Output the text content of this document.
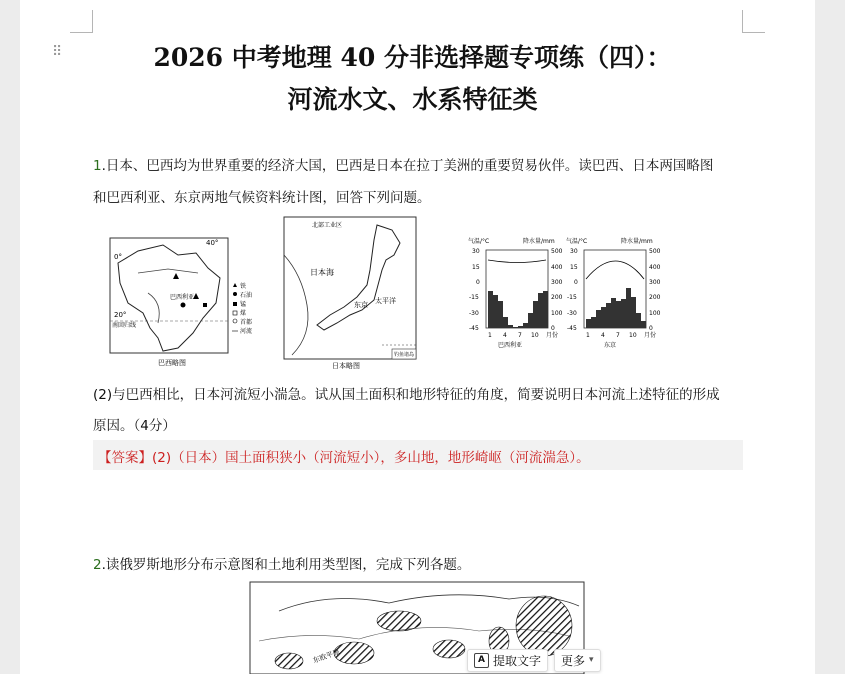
⠿	2026 中考地理 40 分非选择题专项练（四）：
河流水文、水系特征类
1.日本、巴西均为世界重要的经济大国，巴西是日本在拉丁美洲的重要贸易伙伴。读巴西、日本两国略图
和巴西利亚、东京两地气候资料统计图，回答下列问题。
0°
40°
20°
南回归线
巴西利亚
巴西略图
铁
石油
锰
煤
首都
河流
北部工业区
日本海
太平洋
东京
钓鱼诸岛
日本略图
气温/°C	降水量/mm
30
15
0
-15
-30
-45
500
400
300
200
100
0
1 4 7 10 月份
巴西利亚
气温/°C	降水量/mm
30
15
0
-15
-30
-45
500
400
300
200
100
0
1 4 7 10 月份
东京
(2)与巴西相比，日本河流短小湍急。试从国土面积和地形特征的角度，简要说明日本河流上述特征的形成
原因。（4分）
【答案】(2)（日本）国土面积狭小（河流短小），多山地，地形崎岖（河流湍急）。
2.读俄罗斯地形分布示意图和土地利用类型图，完成下列各题。
东欧平原	A 提取文字 更多 ▾
